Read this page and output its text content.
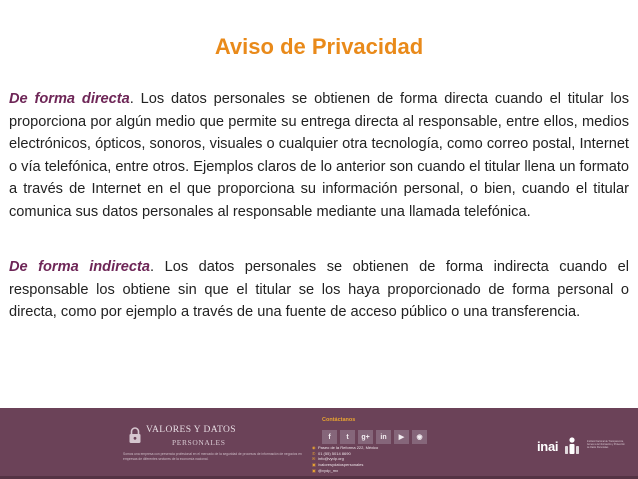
Aviso de Privacidad

De forma directa. Los datos personales se obtienen de forma directa cuando el titular los proporciona por algún medio que permite su entrega directa al responsable, entre ellos, medios electrónicos, ópticos, sonoros, visuales o cualquier otra tecnología, como correo postal, Internet o vía telefónica, entre otros. Ejemplos claros de lo anterior son cuando el titular llena un formato a través de Internet en el que proporciona su información personal, o bien, cuando el titular comunica sus datos personales al responsable mediante una llamada telefónica.

De forma indirecta. Los datos personales se obtienen de forma indirecta cuando el responsable los obtiene sin que el titular se los haya proporcionado de forma personal o directa, como por ejemplo a través de una fuente de acceso público o una transferencia.

VALORES Y DATOS
PERSONALES

Somos una empresa con presencia profesional en el mercado de la seguridad de procesos de información de negocios en empresas de diferentes sectores de la economía nacional.

Contáctanos
f	t	g+	in	▶	◉
◉ Paseo de la Reforma 222, México
✆ 01 (55) 5014 8690
✉ info@vydp.org
▣ /valoresydatospersonales
▣ @vydp_mx
inai	Instituto Nacional de Transparencia, Acceso a la Información y Protección de Datos Personales
